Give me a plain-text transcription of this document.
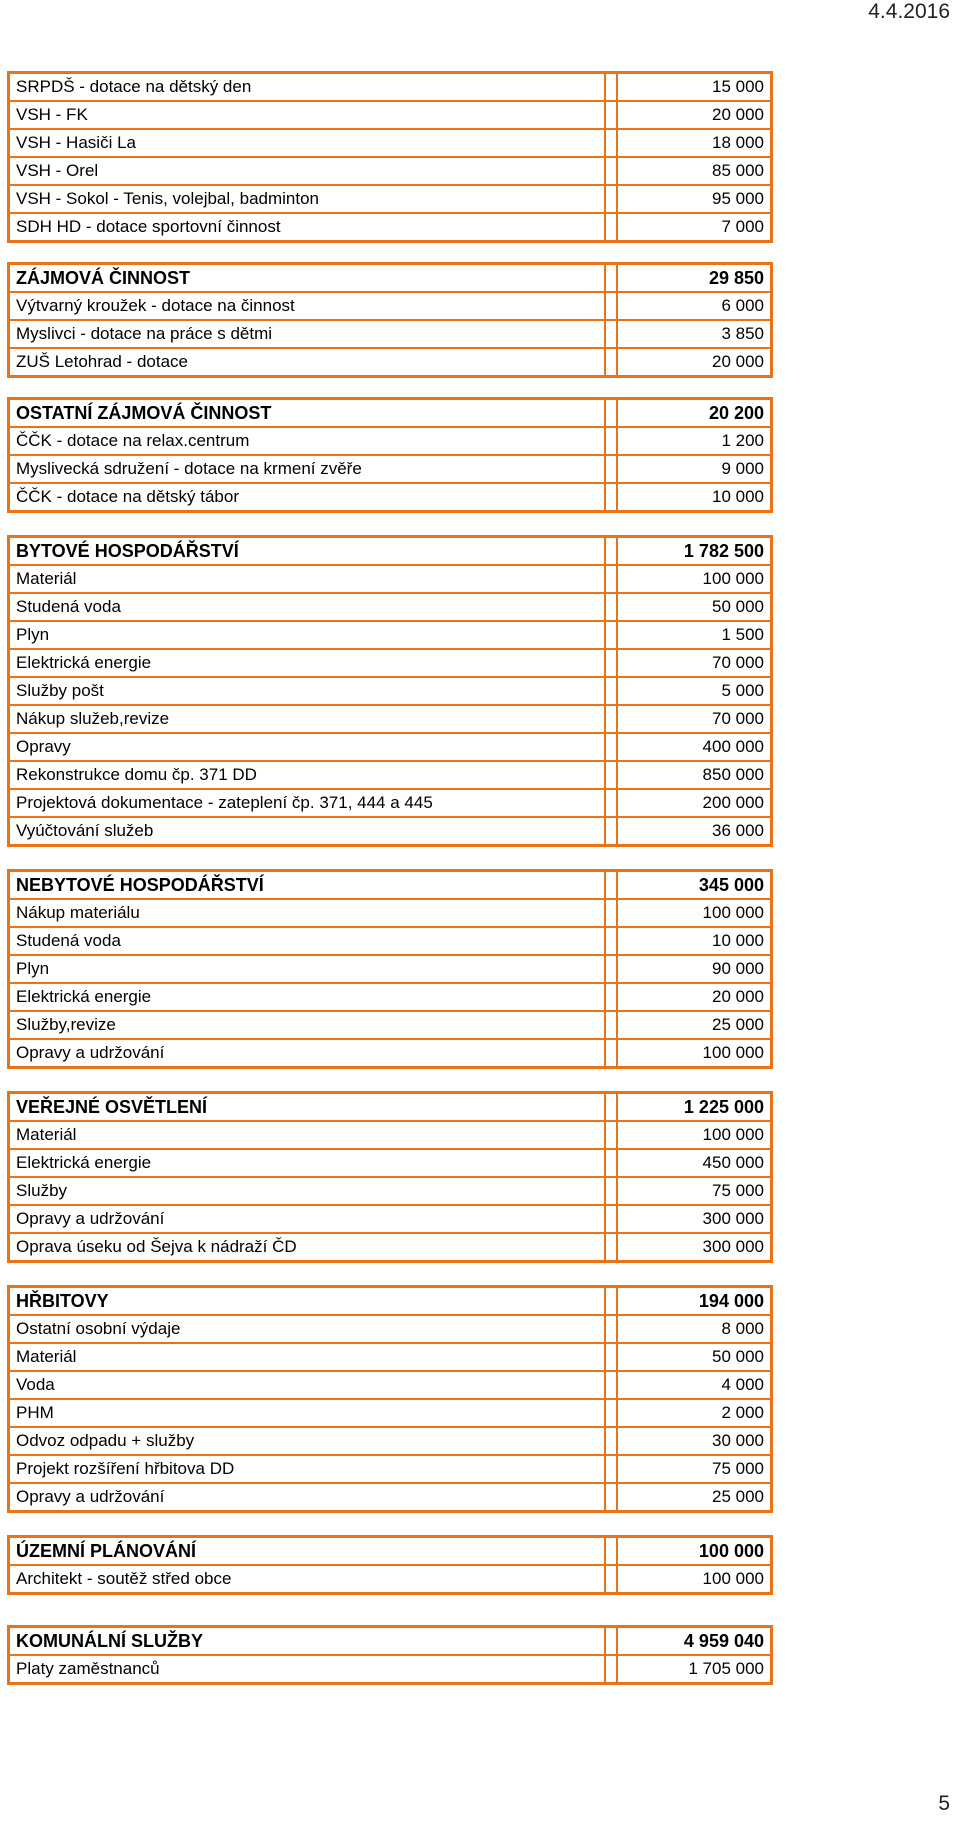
4.4.2016
SRPDŠ - dotace na dětský den		15 000
VSH - FK		20 000
VSH - Hasiči La		18 000
VSH - Orel		85 000
VSH - Sokol - Tenis, volejbal, badminton		95 000
SDH HD - dotace sportovní činnost		7 000
ZÁJMOVÁ ČINNOST		29 850
Výtvarný kroužek - dotace na činnost		6 000
Myslivci - dotace na práce s dětmi		3 850
ZUŠ Letohrad - dotace		20 000
OSTATNÍ ZÁJMOVÁ ČINNOST		20 200
ČČK - dotace na relax.centrum		1 200
Myslivecká sdružení - dotace na krmení zvěře		9 000
ČČK - dotace na dětský tábor		10 000
BYTOVÉ HOSPODÁŘSTVÍ		1 782 500
Materiál		100 000
Studená voda		50 000
Plyn		1 500
Elektrická energie		70 000
Služby pošt		5 000
Nákup služeb,revize		70 000
Opravy		400 000
Rekonstrukce domu čp. 371 DD		850 000
Projektová dokumentace - zateplení čp. 371, 444 a 445		200 000
Vyúčtování služeb		36 000
NEBYTOVÉ HOSPODÁŘSTVÍ		345 000
Nákup materiálu		100 000
Studená voda		10 000
Plyn		90 000
Elektrická energie		20 000
Služby,revize		25 000
Opravy a udržování		100 000
VEŘEJNÉ OSVĚTLENÍ		1 225 000
Materiál		100 000
Elektrická energie		450 000
Služby		75 000
Opravy a udržování		300 000
Oprava úseku od Šejva k nádraží ČD		300 000
HŘBITOVY		194 000
Ostatní osobní výdaje		8 000
Materiál		50 000
Voda		4 000
PHM		2 000
Odvoz odpadu + služby		30 000
Projekt rozšíření hřbitova DD		75 000
Opravy a udržování		25 000
ÚZEMNÍ PLÁNOVÁNÍ		100 000
Architekt - soutěž střed obce		100 000
KOMUNÁLNÍ SLUŽBY		4 959 040
Platy zaměstnanců		1 705 000
5
